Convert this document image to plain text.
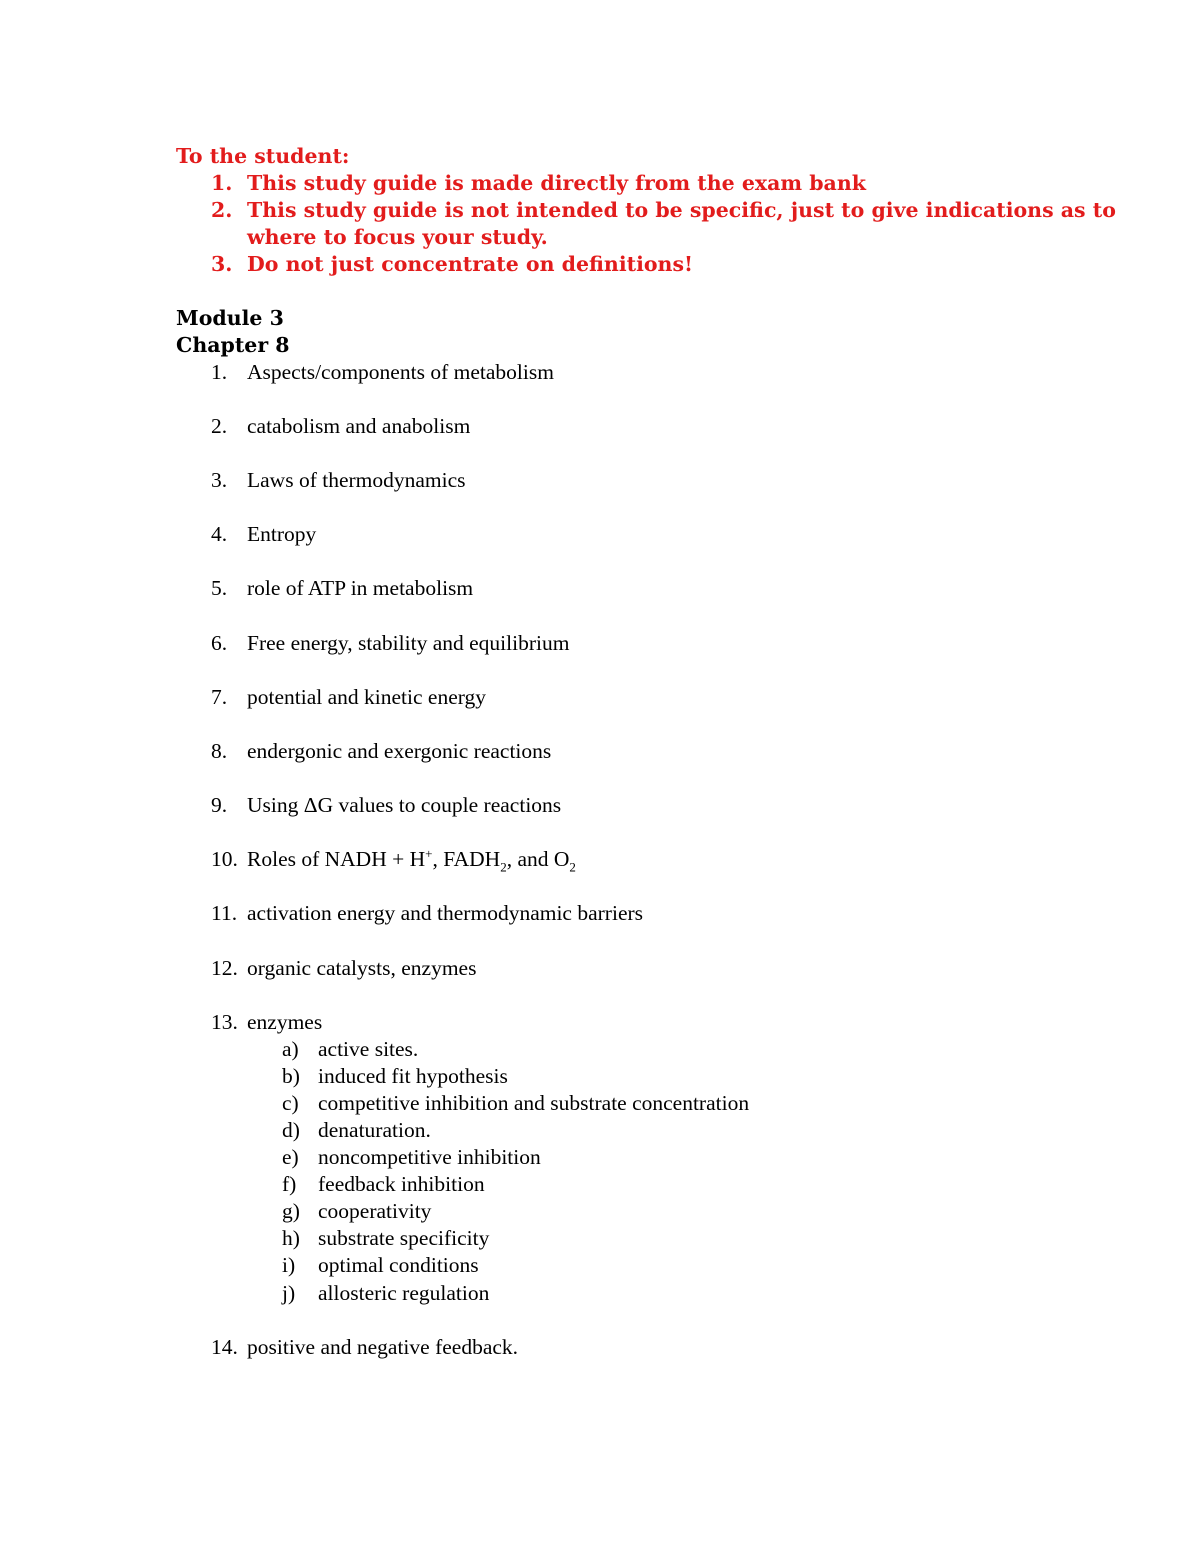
To the student:
1. This study guide is made directly from the exam bank
2. This study guide is not intended to be specific, just to give indications as to
where to focus your study.
3. Do not just concentrate on definitions!
Module 3
Chapter 8
1. Aspects/components of metabolism
2. catabolism and anabolism
3. Laws of thermodynamics
4. Entropy
5. role of ATP in metabolism
6. Free energy, stability and equilibrium
7. potential and kinetic energy
8. endergonic and exergonic reactions
9. Using ΔG values to couple reactions
10. Roles of NADH + H+, $FADH_2$, and $O_2$
11. activation energy and thermodynamic barriers
12. organic catalysts, enzymes
13. enzymes
a) active sites.
b) induced fit hypothesis
c) competitive inhibition and substrate concentration
d) denaturation.
e) noncompetitive inhibition
f) feedback inhibition
g) cooperativity
h) substrate specificity
i) optimal conditions
j) allosteric regulation
14. positive and negative feedback.
